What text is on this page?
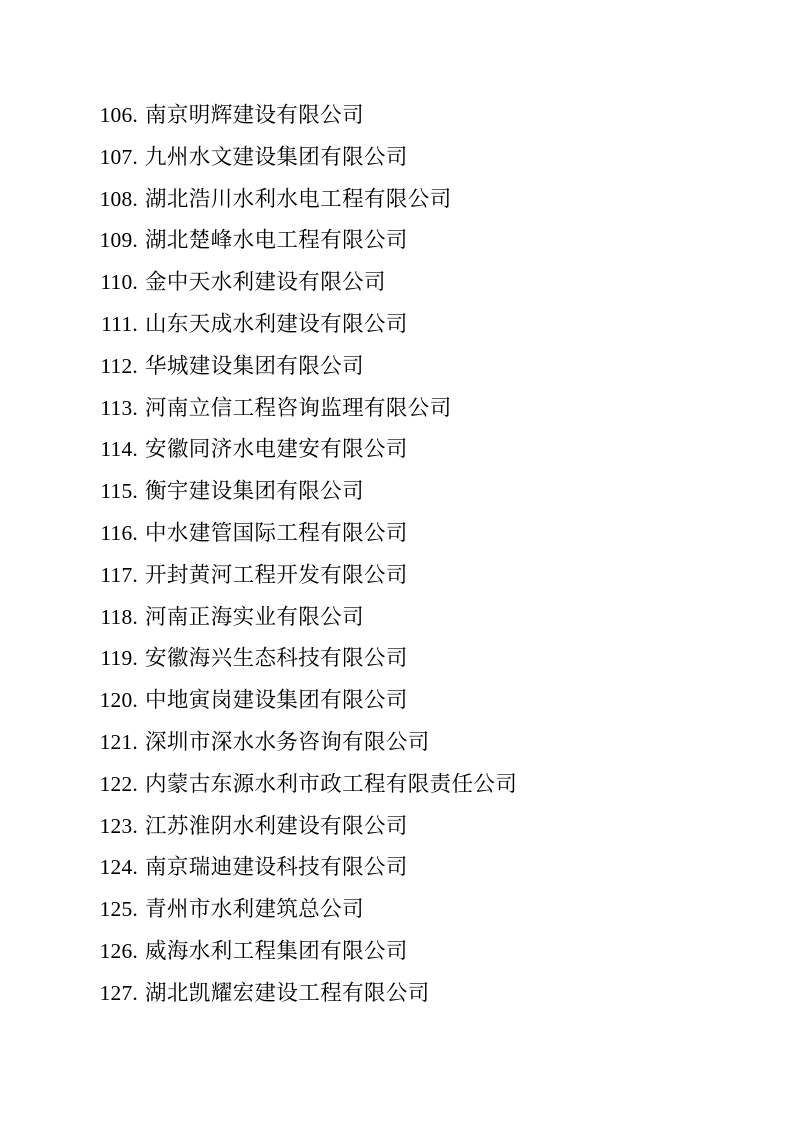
106. 南京明辉建设有限公司
107. 九州水文建设集团有限公司
108. 湖北浩川水利水电工程有限公司
109. 湖北楚峰水电工程有限公司
110. 金中天水利建设有限公司
111. 山东天成水利建设有限公司
112. 华城建设集团有限公司
113. 河南立信工程咨询监理有限公司
114. 安徽同济水电建安有限公司
115. 衡宇建设集团有限公司
116. 中水建管国际工程有限公司
117. 开封黄河工程开发有限公司
118. 河南正海实业有限公司
119. 安徽海兴生态科技有限公司
120. 中地寅岗建设集团有限公司
121. 深圳市深水水务咨询有限公司
122. 内蒙古东源水利市政工程有限责任公司
123. 江苏淮阴水利建设有限公司
124. 南京瑞迪建设科技有限公司
125. 青州市水利建筑总公司
126. 威海水利工程集团有限公司
127. 湖北凯耀宏建设工程有限公司
